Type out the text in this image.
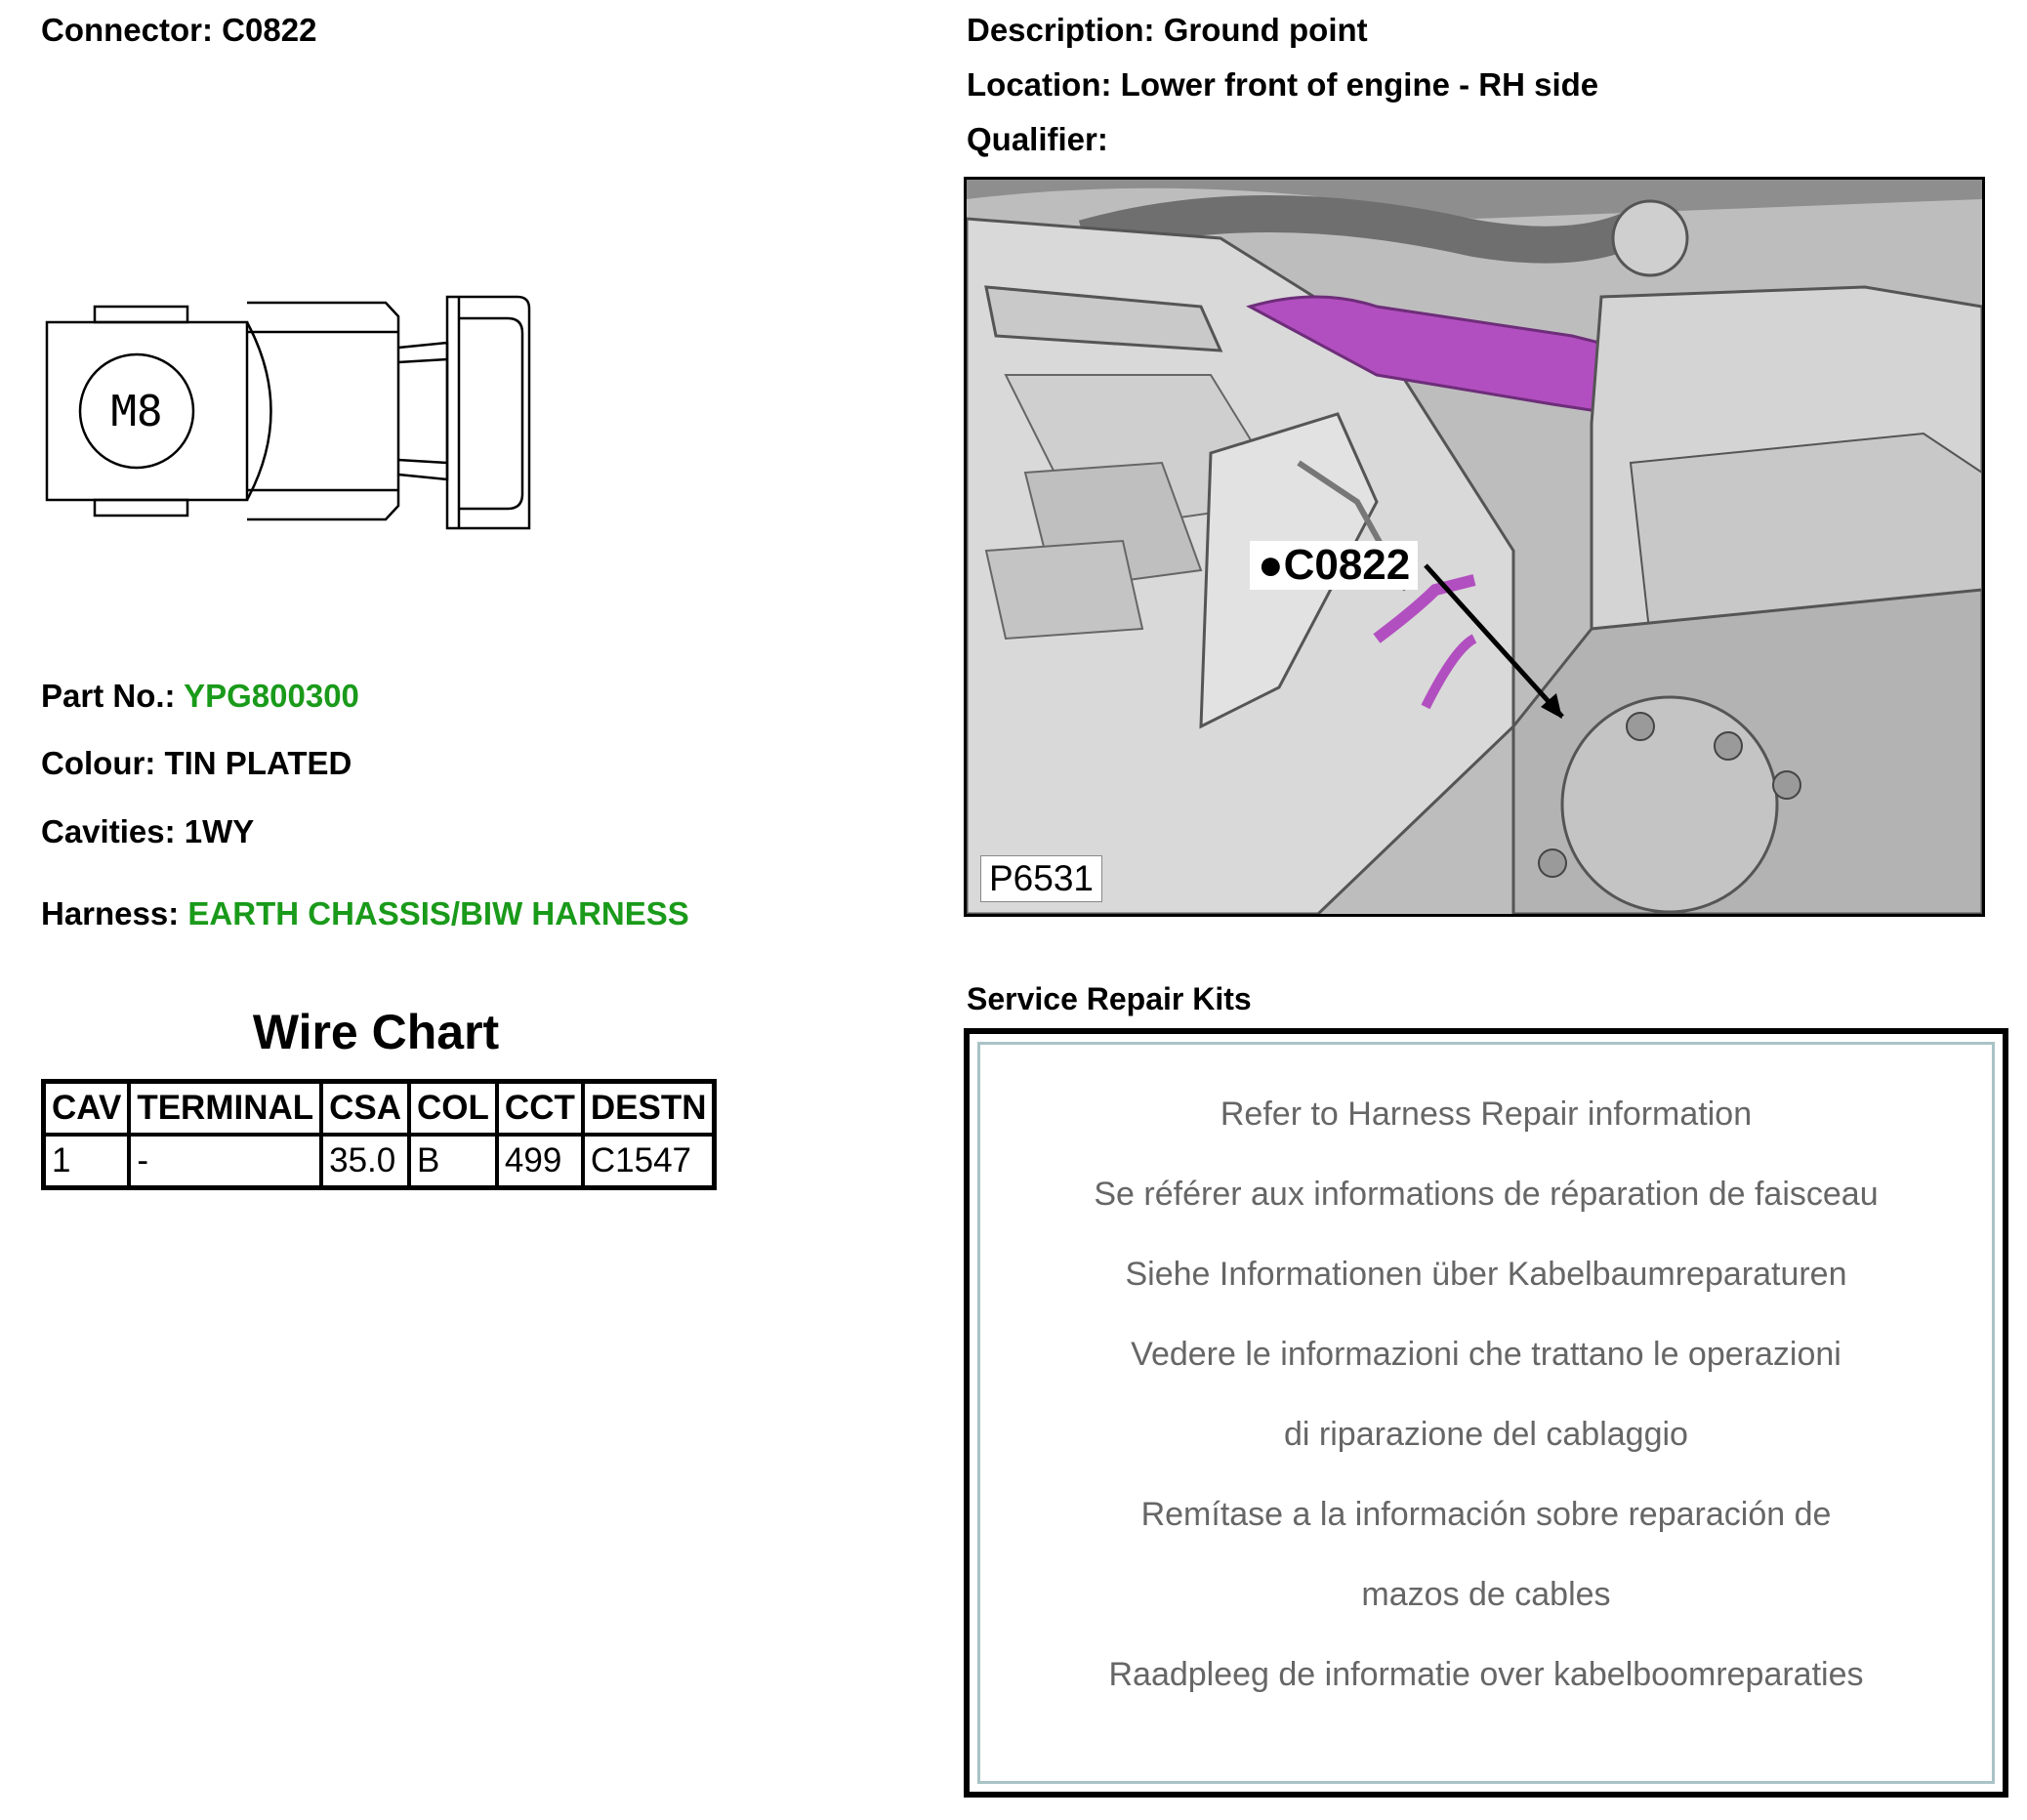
Connector: C0822	Description: Ground point
Location: Lower front of engine - RH side
Qualifier:
M8
Part No.: YPG800300
Colour: TIN PLATED
Cavities: 1WY
Harness: EARTH CHASSIS/BIW HARNESS
Wire Chart
CAV	TERMINAL	CSA	COL	CCT	DESTN
1	-	35.0	B	499	C1547
●C0822
P6531
Service Repair Kits
Refer to Harness Repair information
Se référer aux informations de réparation de faisceau
Siehe Informationen über Kabelbaumreparaturen
Vedere le informazioni che trattano le operazioni
di riparazione del cablaggio
Remítase a la información sobre reparación de
mazos de cables
Raadpleeg de informatie over kabelboomreparaties
